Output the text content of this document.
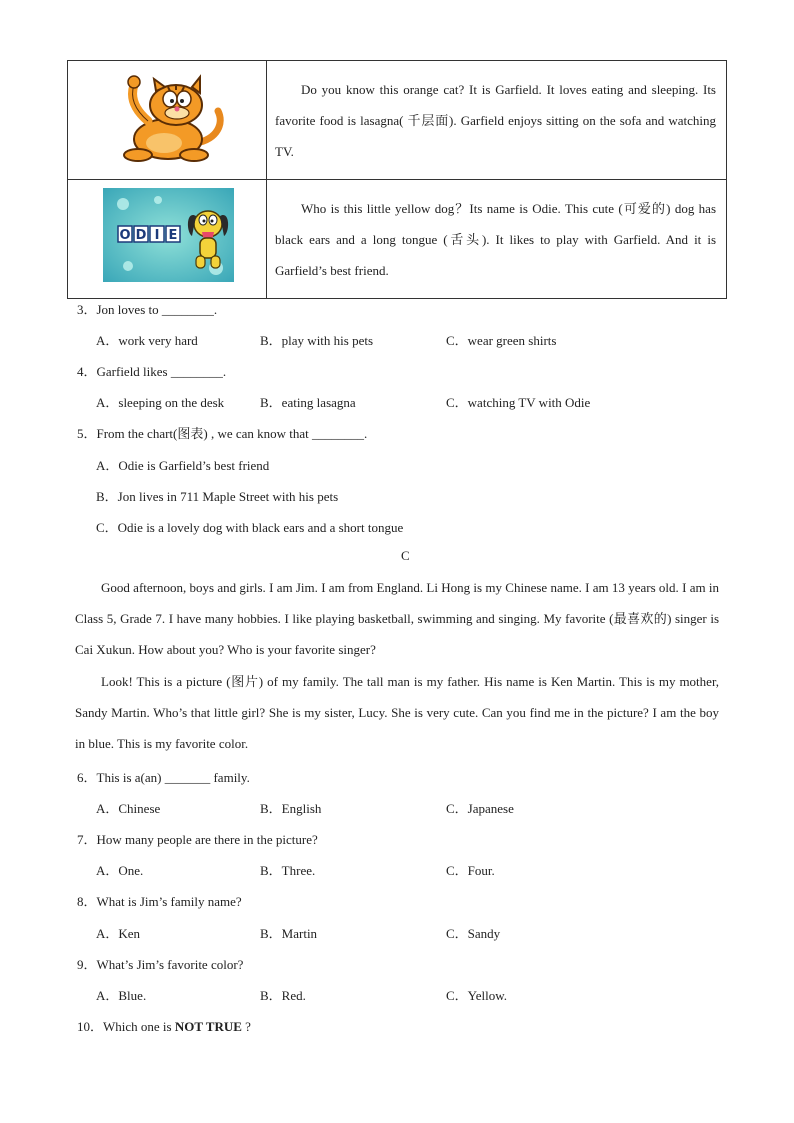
	Do you know this orange cat? It is Garfield. It loves eating and sleeping. Its favorite food is lasagna( 千层面). Garfield enjoys sitting on the sofa and watching TV.

O D I E	Who is this little yellow dog？Its name is Odie. This cute (可爱的) dog has black ears and a long tongue (舌头). It likes to play with Garfield. And it is Garfield’s best friend.
3．Jon loves to ________.
A．work very hard	B．play with his pets	C．wear green shirts
4．Garfield likes ________.
A．sleeping on the desk	B．eating lasagna	C．watching TV with Odie
5．From the chart(图表) , we can know that ________.
A．Odie is Garfield’s best friend
B．Jon lives in 711 Maple Street with his pets
C．Odie is a lovely dog with black ears and a short tongue
C
Good afternoon, boys and girls. I am Jim. I am from England. Li Hong is my Chinese name. I am 13 years old. I am in Class 5, Grade 7. I have many hobbies. I like playing basketball, swimming and singing. My favorite (最喜欢的) singer is Cai Xukun. How about you? Who is your favorite singer?
Look! This is a picture (图片) of my family. The tall man is my father. His name is Ken Martin. This is my mother, Sandy Martin. Who’s that little girl? She is my sister, Lucy. She is very cute. Can you find me in the picture? I am the boy in blue. This is my favorite color.
6．This is a(an) _______ family.
A．Chinese	B．English	C．Japanese
7．How many people are there in the picture?
A．One.	B．Three.	C．Four.
8．What is Jim’s family name?
A．Ken	B．Martin	C．Sandy
9．What’s Jim’s favorite color?
A．Blue.	B．Red.	C．Yellow.
10．Which one is NOT TRUE ?
